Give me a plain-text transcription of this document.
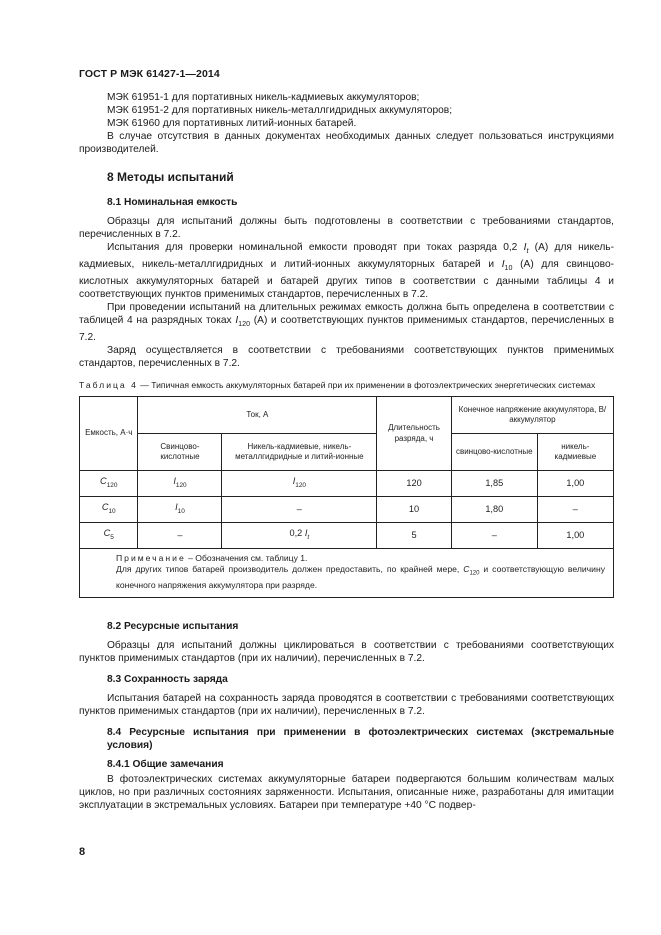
ГОСТ Р МЭК 61427-1—2014

МЭК 61951-1 для портативных никель-кадмиевых аккумуляторов;

МЭК 61951-2 для портативных никель-металлгидридных аккумуляторов;

МЭК 61960 для портативных литий-ионных батарей.

В случае отсутствия в данных документах необходимых данных следует пользоваться инструкциями производителей.

8 Методы испытаний
8.1 Номинальная емкость

Образцы для испытаний должны быть подготовлены в соответствии с требованиями стандартов, перечисленных в 7.2.

Испытания для проверки номинальной емкости проводят при токах разряда 0,2 $I_t$ (А) для никель-кадмиевых, никель-металлгидридных и литий-ионных аккумуляторных батарей и $I_{10}$ (А) для свинцово-кислотных аккумуляторных батарей и батарей других типов в соответствии с данными таблицы 4 и соответствующих пунктов применимых стандартов, перечисленных в 7.2.

При проведении испытаний на длительных режимах емкость должна быть определена в соответствии с таблицей 4 на разрядных токах $I_{120}$ (А) и соответствующих пунктов применимых стандартов, перечисленных в 7.2.

Заряд осуществляется в соответствии с требованиями соответствующих пунктов применимых стандартов, перечисленных в 7.2.

Таблица 4 — Типичная емкость аккумуляторных батарей при их применении в фотоэлектрических энергетических системах
Емкость, А·ч	Ток, А		Длительность разряда, ч	Конечное напряжение аккумулятора, В/аккумулятор	
	Свинцово-кислотные	Никель-кадмиевые, никель-металлгидридные и литий-ионные		свинцово-кислотные	никель-кадмиевые
$C_{120}$	$I_{120}$	$I_{120}$	120	1,85	1,00
$C_{10}$	$I_{10}$	–	10	1,80	–
$C_5$	–	0,2 $I_t$	5	–	1,00

Примечание – Обозначения см. таблицу 1.
Для других типов батарей производитель должен предоставить, по крайней мере, $C_{120}$ и соответствующую величину конечного напряжения аккумулятора при разряде.					
8.2 Ресурсные испытания

Образцы для испытаний должны циклироваться в соответствии с требованиями соответствующих пунктов применимых стандартов (при их наличии), перечисленных в 7.2.

8.3 Сохранность заряда

Испытания батарей на сохранность заряда проводятся в соответствии с требованиями соответствующих пунктов применимых стандартов (при их наличии), перечисленных в 7.2.

8.4 Ресурсные испытания при применении в фотоэлектрических системах (экстремальные условия)
8.4.1 Общие замечания

В фотоэлектрических системах аккумуляторные батареи подвергаются большим количествам малых циклов, но при различных состояниях заряженности. Испытания, описанные ниже, разработаны для имитации эксплуатации в экстремальных условиях. Батареи при температуре +40 °С подвер-

8
